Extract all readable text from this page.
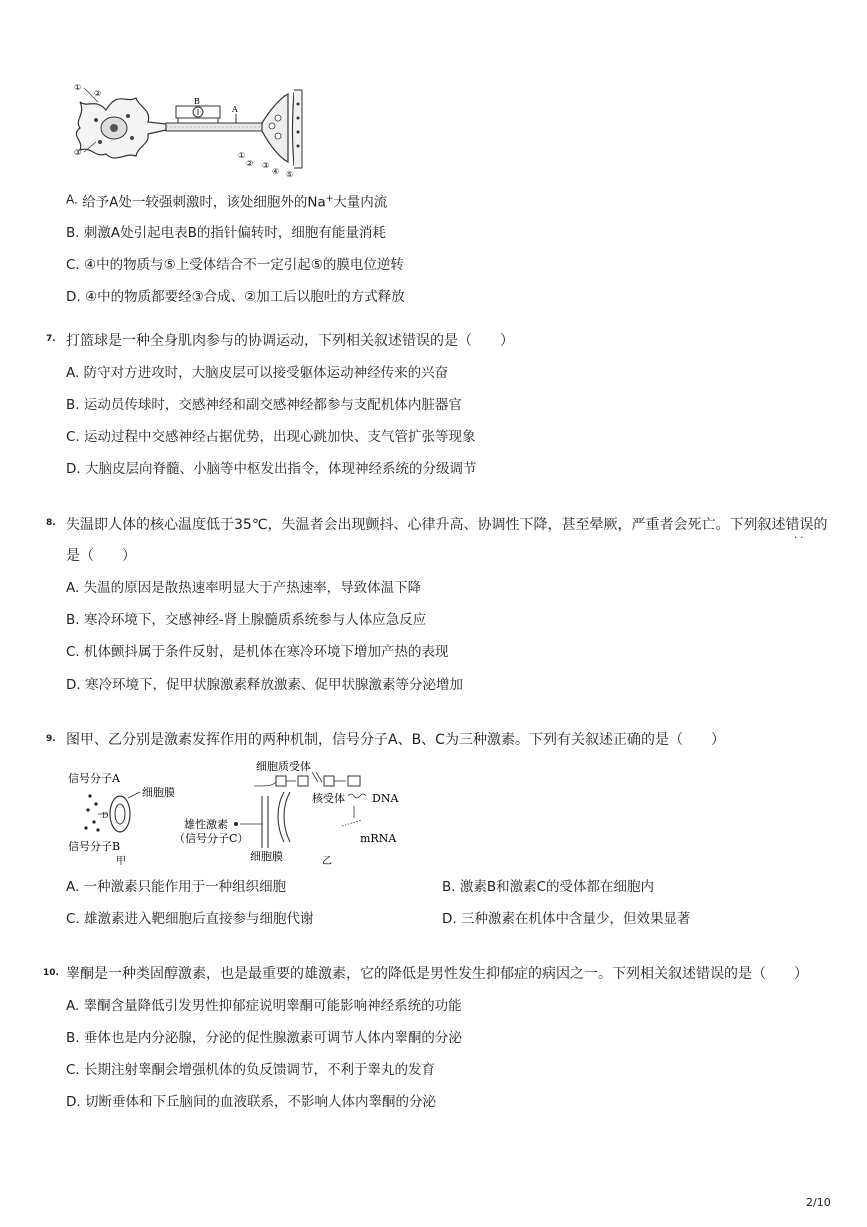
B
A
①
②
③	①
② ③
④ ⑤
A. 给予A处一较强刺激时，该处细胞外的Na+大量内流
B. 刺激A处引起电表B的指针偏转时，细胞有能量消耗
C. ④中的物质与⑤上受体结合不一定引起⑤的膜电位逆转
D. ④中的物质都要经③合成、②加工后以胞吐的方式释放
7. 打篮球是一种全身肌肉参与的协调运动，下列相关叙述错误的是（　　）
A. 防守对方进攻时，大脑皮层可以接受躯体运动神经传来的兴奋
B. 运动员传球时，交感神经和副交感神经都参与支配机体内脏器官
C. 运动过程中交感神经占据优势，出现心跳加快、支气管扩张等现象
D. 大脑皮层向脊髓、小脑等中枢发出指令，体现神经系统的分级调节
8. 失温即人体的核心温度低于35℃，失温者会出现颤抖、心律升高、协调性下降，甚至晕厥，严重者会死亡。下列叙述错误的
· ·
是（　　）
A. 失温的原因是散热速率明显大于产热速率，导致体温下降
B. 寒冷环境下，交感神经-肾上腺髓质系统参与人体应急反应
C. 机体颤抖属于条件反射，是机体在寒冷环境下增加产热的表现
D. 寒冷环境下，促甲状腺激素释放激素、促甲状腺激素等分泌增加
9. 图甲、乙分别是激素发挥作用的两种机制，信号分子A、B、C为三种激素。下列有关叙述正确的是（　　）
信号分子A
细胞膜
D
信号分子B
甲
细胞质受体
核受体 DNA
mRNA
雄性激素
（信号分子C）
细胞膜	乙
A. 一种激素只能作用于一种组织细胞	B. 激素B和激素C的受体都在细胞内
C. 雄激素进入靶细胞后直接参与细胞代谢	D. 三种激素在机体中含量少，但效果显著
10. 睾酮是一种类固醇激素，也是最重要的雄激素，它的降低是男性发生抑郁症的病因之一。下列相关叙述错误的是（　　）
A. 睾酮含量降低引发男性抑郁症说明睾酮可能影响神经系统的功能
B. 垂体也是内分泌腺，分泌的促性腺激素可调节人体内睾酮的分泌
C. 长期注射睾酮会增强机体的负反馈调节，不利于睾丸的发育
D. 切断垂体和下丘脑间的血液联系，不影响人体内睾酮的分泌
2/10
